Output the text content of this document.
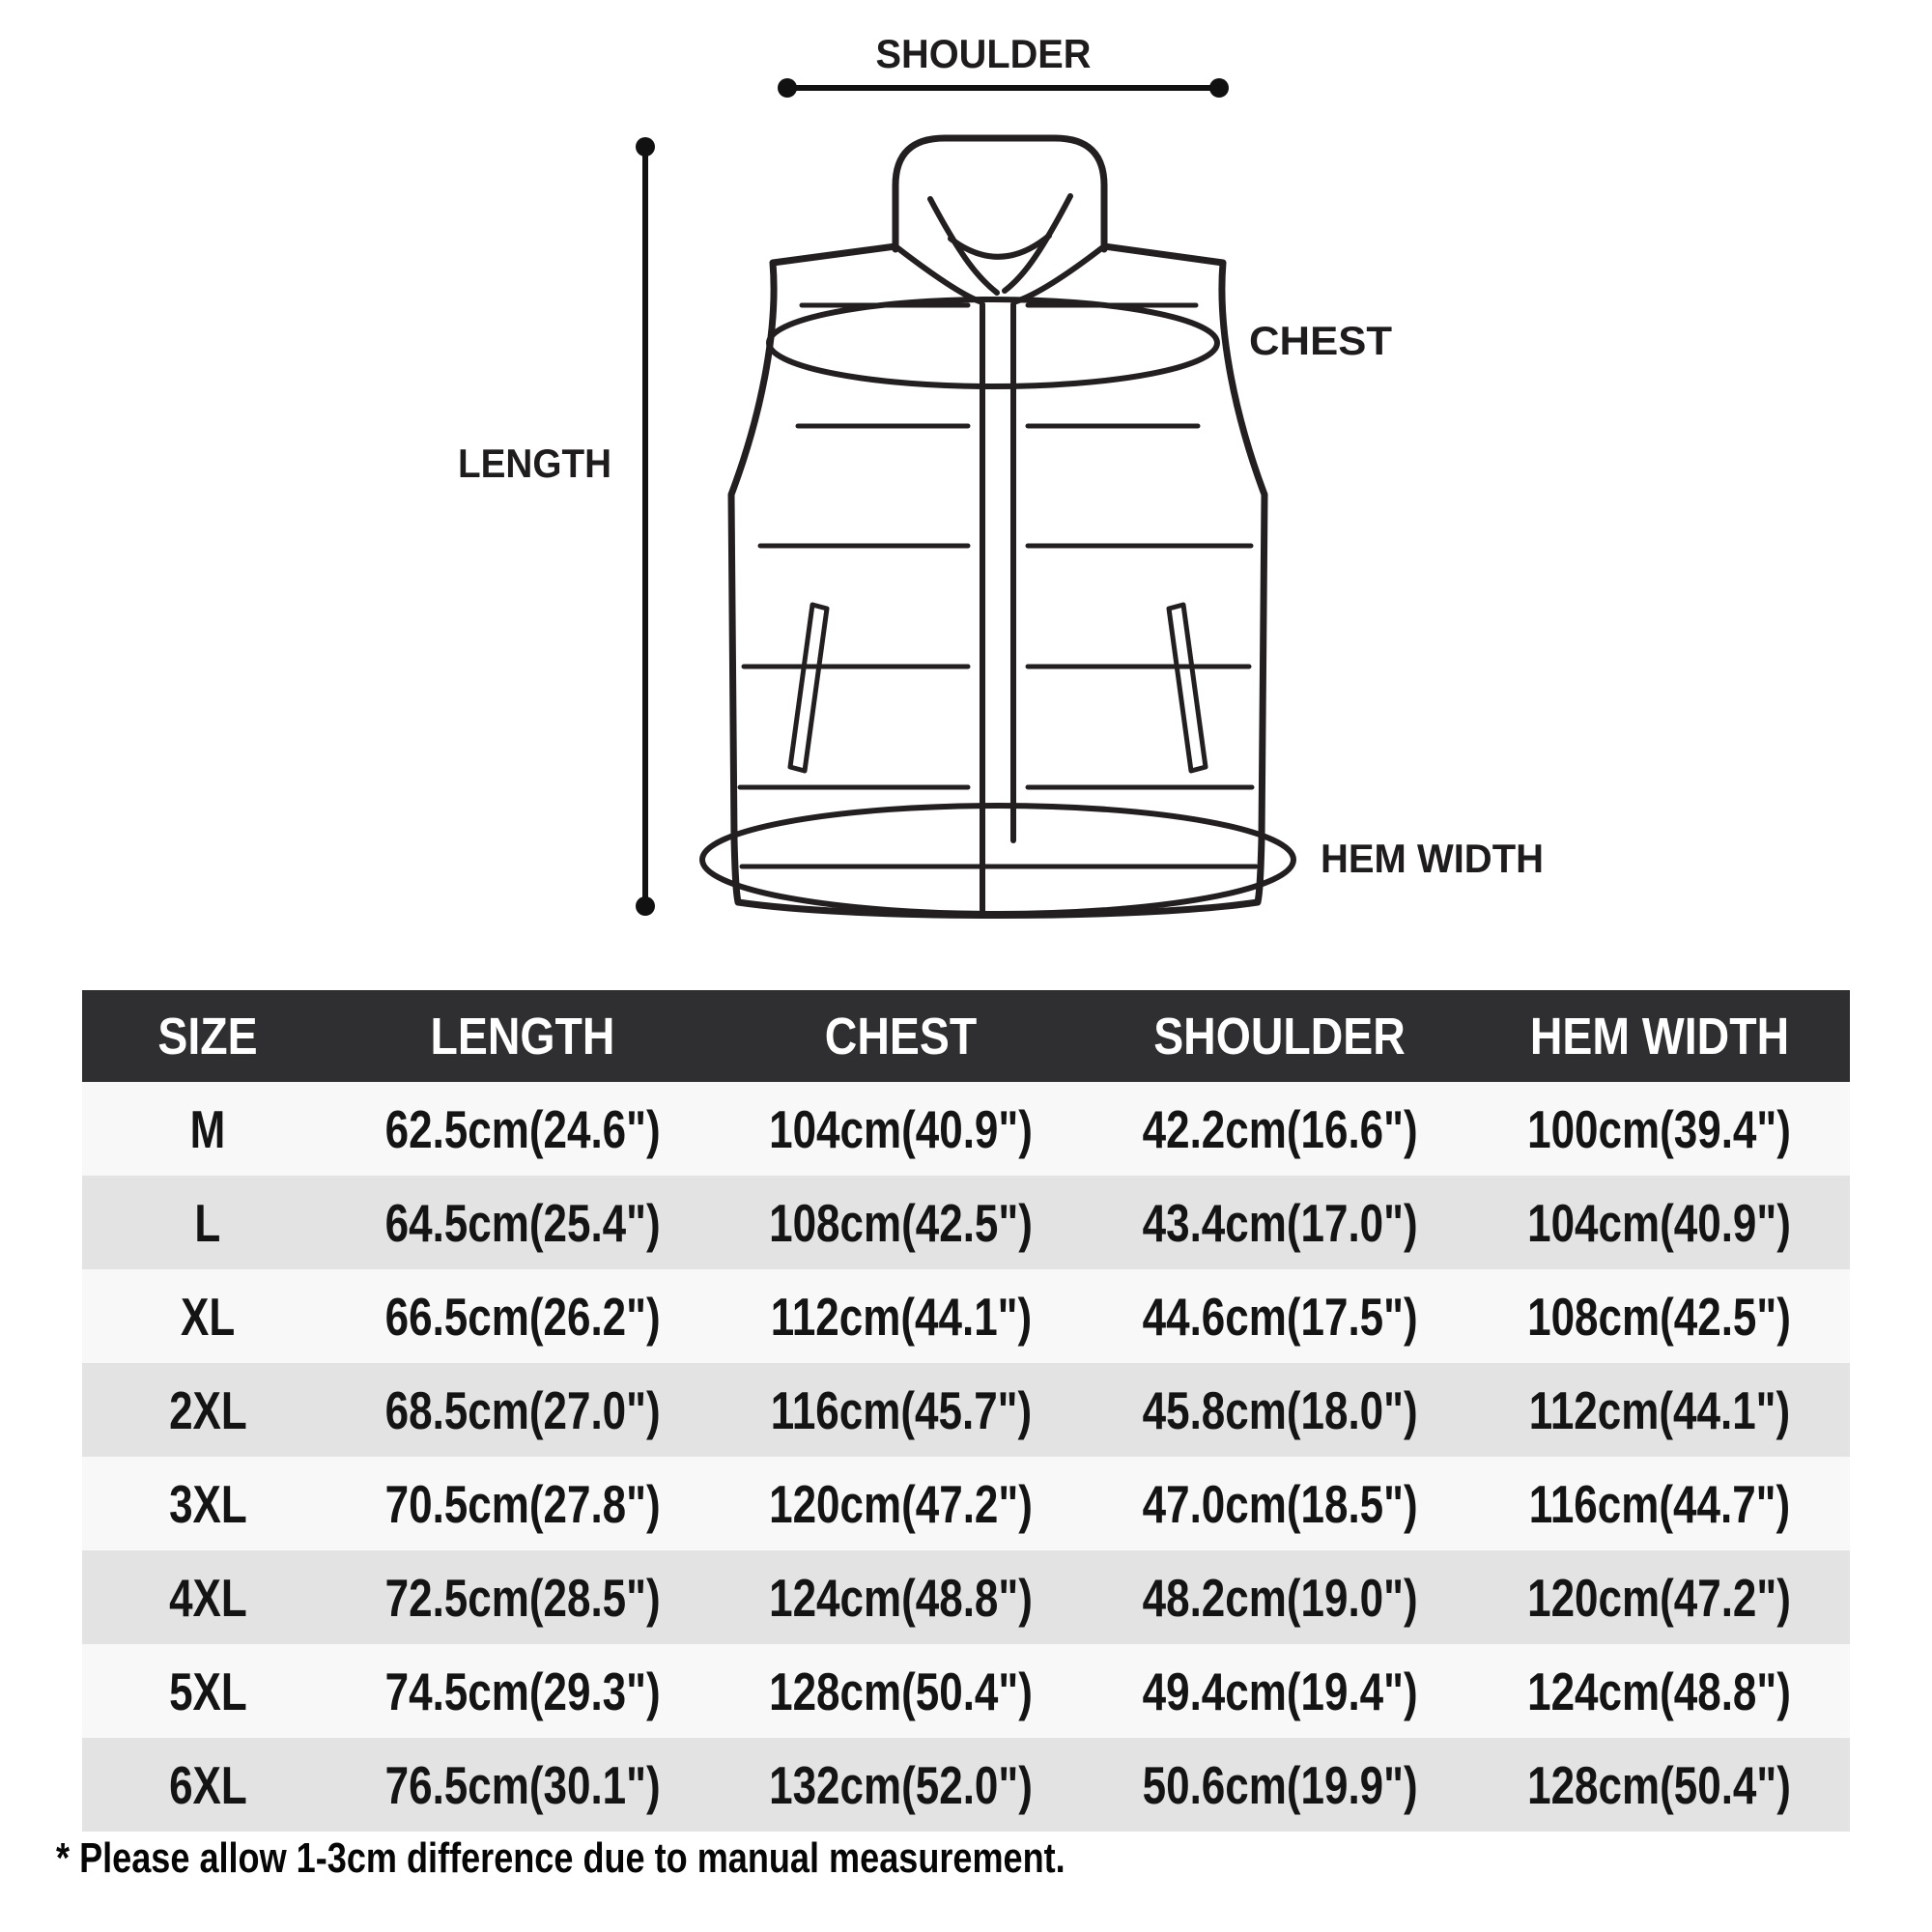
SHOULDER
LENGTH
CHEST
HEM WIDTH
SIZE	LENGTH	CHEST	SHOULDER	HEM WIDTH
M	62.5cm(24.6")	104cm(40.9")	42.2cm(16.6")	100cm(39.4")
L	64.5cm(25.4")	108cm(42.5")	43.4cm(17.0")	104cm(40.9")
XL	66.5cm(26.2")	112cm(44.1")	44.6cm(17.5")	108cm(42.5")
2XL	68.5cm(27.0")	116cm(45.7")	45.8cm(18.0")	112cm(44.1")
3XL	70.5cm(27.8")	120cm(47.2")	47.0cm(18.5")	116cm(44.7")
4XL	72.5cm(28.5")	124cm(48.8")	48.2cm(19.0")	120cm(47.2")
5XL	74.5cm(29.3")	128cm(50.4")	49.4cm(19.4")	124cm(48.8")
6XL	76.5cm(30.1")	132cm(52.0")	50.6cm(19.9")	128cm(50.4")
* Please allow 1-3cm difference due to manual measurement.
